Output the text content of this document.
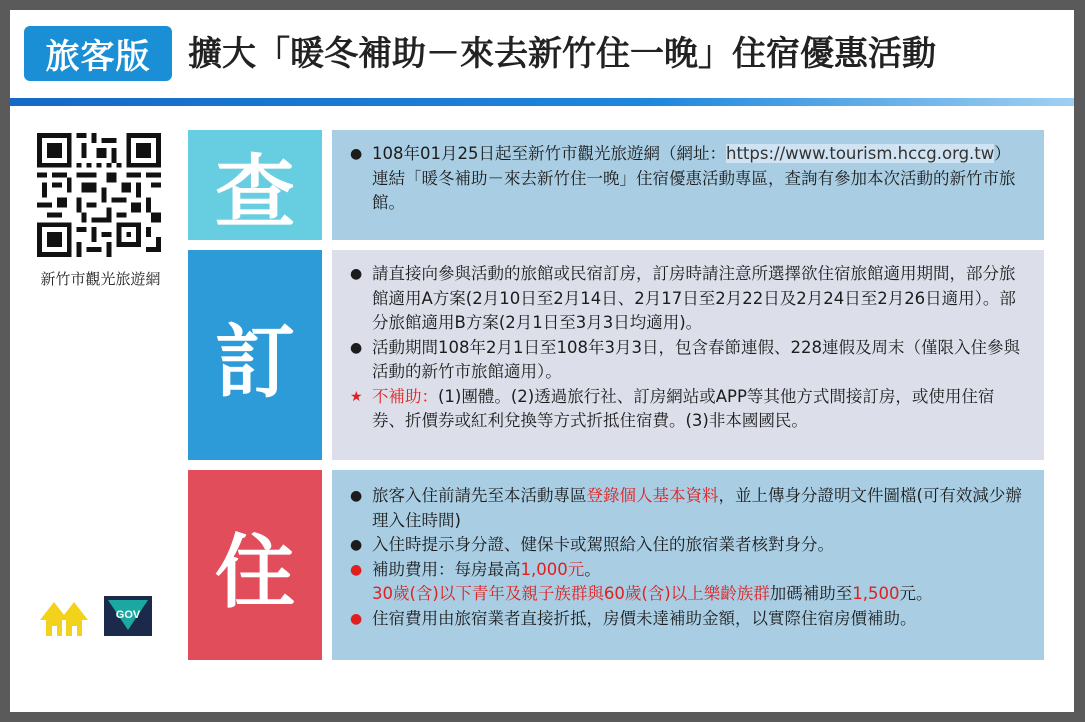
旅客版	擴大「暖冬補助－來去新竹住一晚」住宿優惠活動
新竹市觀光旅遊網
GOV
查	● 108年01月25日起至新竹市觀光旅遊網（網址：https://www.tourism.hccg.org.tw）連結「暖冬補助－來去新竹住一晚」住宿優惠活動專區，查詢有參加本次活動的新竹市旅館。
訂
● 請直接向參與活動的旅館或民宿訂房，訂房時請注意所選擇欲住宿旅館適用期間，部分旅館適用A方案(2月10日至2月14日、2月17日至2月22日及2月24日至2月26日適用）。部分旅館適用B方案(2月1日至3月3日均適用)。
● 活動期間108年2月1日至108年3月3日，包含春節連假、228連假及周末（僅限入住參與活動的新竹市旅館適用）。
★ 不補助：(1)團體。(2)透過旅行社、訂房網站或APP等其他方式間接訂房，或使用住宿券、折價券或紅利兌換等方式折抵住宿費。(3)非本國國民。
住
● 旅客入住前請先至本活動專區登錄個人基本資料，並上傳身分證明文件圖檔(可有效減少辦理入住時間)
● 入住時提示身分證、健保卡或駕照給入住的旅宿業者核對身分。
● 補助費用：每房最高1,000元。
30歲(含)以下青年及親子族群與60歲(含)以上樂齡族群加碼補助至1,500元。
● 住宿費用由旅宿業者直接折抵，房價未達補助金額，以實際住宿房價補助。
